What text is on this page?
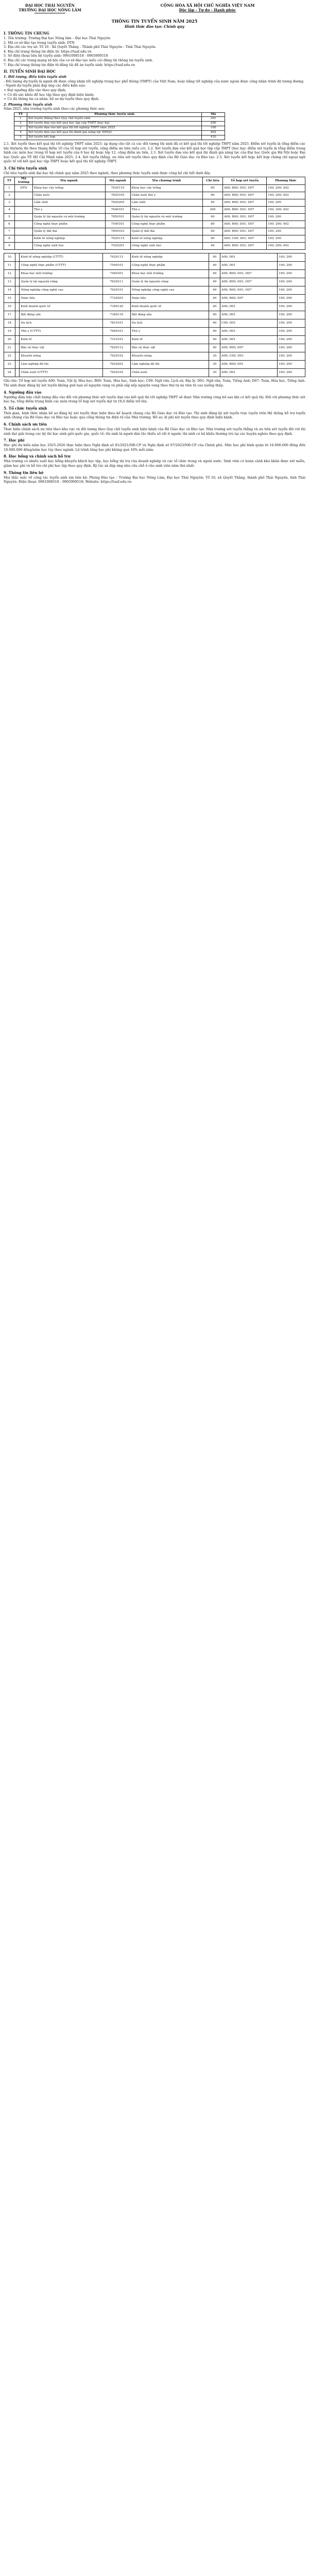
ĐẠI HỌC THÁI NGUYÊN
TRƯỜNG ĐẠI HỌC NÔNG LÂM
CỘNG HÒA XÃ HỘI CHỦ NGHĨA VIỆT NAM
Độc lập - Tự do - Hạnh phúc
THÔNG TIN TUYỂN SINH NĂM 2025
Hình thức đào tạo: Chính quy
I. THÔNG TIN CHUNG

1. Tên trường: Trường Đại học Nông lâm – Đại học Thái Nguyên

2. Mã cơ sở đào tạo trong tuyển sinh: DTN

3. Địa chỉ các trụ sở: Tổ 10 - Xã Quyết Thắng - Thành phố Thái Nguyên - Tỉnh Thái Nguyên.

4. Địa chỉ trang thông tin điện tử: https://tuaf.edu.vn

5. Số điện thoại liên hệ tuyển sinh: 0961008518 - 0965909518

6. Địa chỉ các trang mạng xã hội của cơ sở đào tạo (nếu có) đăng tải thông tin tuyển sinh.

7. Địa chỉ trang thông tin điện tử đăng tải đề án tuyển sinh: https://tuaf.edu.vn

II. TUYỂN SINH ĐẠI HỌC

1. Đối tượng, điều kiện tuyển sinh

- Đối tượng dự tuyển là người đã được công nhận tốt nghiệp trung học phổ thông (THPT) của Việt Nam, hoặc bằng tốt nghiệp của nước ngoài được công nhận trình độ tương đương.

- Người dự tuyển phải đáp ứng các điều kiện sau:

+ Đạt ngưỡng đầu vào theo quy định;

+ Có đủ sức khỏe để học tập theo quy định hiện hành;

+ Có đủ thông tin cá nhân, hồ sơ dự tuyển theo quy định.

2. Phương thức tuyển sinh

Năm 2025, nhà trường tuyển sinh theo các phương thức sau:

TT	Phương thức tuyển sinh	Mã
1	Xét tuyển thẳng theo Quy chế tuyển sinh	301
2	Xét tuyển dựa vào kết quả học tập cấp THPT (học bạ)	200
3	Xét tuyển dựa vào kết quả thi tốt nghiệp THPT năm 2025	100
4	Xét tuyển dựa vào kết quả thi đánh giá năng lực ĐHQG	402
5	Xét tuyển kết hợp	410

2.1. Xét tuyển theo kết quả thi tốt nghiệp THPT năm 2025: áp dụng cho tất cả các đối tượng thí sinh đã có kết quả thi tốt nghiệp THPT năm 2025. Điểm xét tuyển là tổng điểm các bài thi/môn thi theo thang điểm 10 của tổ hợp xét tuyển, cộng điểm ưu tiên (nếu có). 2.2. Xét tuyển dựa vào kết quả học tập cấp THPT (học bạ): điểm xét tuyển là tổng điểm trung bình các môn học trong tổ hợp xét tuyển của 6 học kỳ hoặc lớp 12, cộng điểm ưu tiên. 2.3. Xét tuyển dựa vào kết quả thi đánh giá năng lực của Đại học Quốc gia Hà Nội hoặc Đại học Quốc gia TP. Hồ Chí Minh năm 2025. 2.4. Xét tuyển thẳng, ưu tiên xét tuyển theo quy định của Bộ Giáo dục và Đào tạo. 2.5. Xét tuyển kết hợp: kết hợp chứng chỉ ngoại ngữ quốc tế với kết quả học tập THPT hoặc kết quả thi tốt nghiệp THPT.

3. Chỉ tiêu tuyển sinh

Chỉ tiêu tuyển sinh đại học hệ chính quy năm 2025 theo ngành, theo phương thức tuyển sinh được công bố chi tiết dưới đây.

TT	Mã trường	Tên ngành	Mã ngành	Tên chương trình	Chỉ tiêu	Tổ hợp xét tuyển	Phương thức
1	DTN	Khoa học cây trồng	7620110	Khoa học cây trồng	60	A00; B00; D01; D07	100; 200; 402
2		Chăn nuôi	7620105	Chăn nuôi thú y	80	A00; B00; D01; D07	100; 200; 402
3		Lâm sinh	7620205	Lâm sinh	40	A00; B00; D01; D07	100; 200
4		Thú y	7640101	Thú y	200	A00; B00; D01; D07	100; 200; 402
5		Quản lý tài nguyên và môi trường	7850101	Quản lý tài nguyên và môi trường	60	A00; B00; D01; D07	100; 200
6		Công nghệ thực phẩm	7540101	Công nghệ thực phẩm	80	A00; B00; D01; D07	100; 200; 402
7		Quản lý đất đai	7850103	Quản lý đất đai	60	A00; B00; D01; D07	100; 200
8		Kinh tế nông nghiệp	7620115	Kinh tế nông nghiệp	60	A00; C00; D01; D07	100; 200
9		Công nghệ sinh học	7420201	Công nghệ sinh học	40	A00; B00; D01; D07	100; 200; 402
10		Kinh tế nông nghiệp (CTTT)	7620115	Kinh tế nông nghiệp	40	A00; D01	100; 200
11		Công nghệ thực phẩm (CTTT)	7540101	Công nghệ thực phẩm	40	A00; D01	100; 200
12		Khoa học môi trường	7440301	Khoa học môi trường	40	A00; B00; D01; D07	100; 200
13		Quản lý tài nguyên rừng	7620211	Quản lý tài nguyên rừng	40	A00; B00; D01; D07	100; 200
14		Nông nghiệp công nghệ cao	7620101	Nông nghiệp công nghệ cao	40	A00; B00; D01; D07	100; 200
15		Dược liệu	7720203	Dược liệu	40	A00; B00; D07	100; 200
16		Kinh doanh quốc tế	7340120	Kinh doanh quốc tế	40	A00; D01	100; 200
17		Bất động sản	7340116	Bất động sản	40	A00; D01	100; 200
18		Du lịch	7810101	Du lịch	40	C00; D01	100; 200
19		Thú y (CTTT)	7640101	Thú y	40	A00; D01	100; 200
20		Kinh tế	7310101	Kinh tế	40	A00; D01	100; 200
21		Bảo vệ thực vật	7620112	Bảo vệ thực vật	40	A00; B00; D07	100; 200
22		Khuyến nông	7620102	Khuyến nông	30	A00; C00; D01	100; 200
23		Lâm nghiệp đô thị	7620202	Lâm nghiệp đô thị	30	A00; B00; D01	100; 200
24		Chăn nuôi (CTTT)	7620105	Chăn nuôi	30	A00; D01	100; 200

Ghi chú: Tổ hợp xét tuyển A00: Toán, Vật lý, Hóa học; B00: Toán, Hóa học, Sinh học; C00: Ngữ văn, Lịch sử, Địa lý; D01: Ngữ văn, Toán, Tiếng Anh; D07: Toán, Hóa học, Tiếng Anh. Thí sinh được đăng ký xét tuyển không giới hạn số nguyện vọng và phải sắp xếp nguyện vọng theo thứ tự ưu tiên từ cao xuống thấp.

4. Ngưỡng đầu vào

Ngưỡng đảm bảo chất lượng đầu vào đối với phương thức xét tuyển dựa vào kết quả thi tốt nghiệp THPT sẽ được Nhà trường công bố sau khi có kết quả thi. Đối với phương thức xét học bạ, tổng điểm trung bình các môn trong tổ hợp xét tuyển đạt từ 18,0 điểm trở lên.

5. Tổ chức tuyển sinh

Thời gian, hình thức nhận hồ sơ đăng ký xét tuyển thực hiện theo kế hoạch chung của Bộ Giáo dục và Đào tạo. Thí sinh đăng ký xét tuyển trực tuyến trên Hệ thống hỗ trợ tuyển sinh chung của Bộ Giáo dục và Đào tạo hoặc qua cổng thông tin điện tử của Nhà trường. Hồ sơ, lệ phí xét tuyển theo quy định hiện hành.

6. Chính sách ưu tiên

Thực hiện chính sách ưu tiên theo khu vực và đối tượng theo Quy chế tuyển sinh hiện hành của Bộ Giáo dục và Đào tạo. Nhà trường xét tuyển thẳng và ưu tiên xét tuyển đối với thí sinh đạt giải trong các kỳ thi học sinh giỏi quốc gia, quốc tế; thí sinh là người dân tộc thiểu số rất ít người; thí sinh có hộ khẩu thường trú tại các huyện nghèo theo quy định.

7. Học phí

Học phí dự kiến năm học 2025-2026 thực hiện theo Nghị định số 81/2021/NĐ-CP và Nghị định số 97/2023/NĐ-CP của Chính phủ. Mức học phí bình quân từ 16.000.000 đồng đến 18.000.000 đồng/năm học tùy theo ngành. Lộ trình tăng học phí không quá 10% mỗi năm.

8. Học bổng và chính sách hỗ trợ

Nhà trường có nhiều suất học bổng khuyến khích học tập, học bổng tài trợ của doanh nghiệp và các tổ chức trong và ngoài nước. Sinh viên có hoàn cảnh khó khăn được xét miễn, giảm học phí và hỗ trợ chi phí học tập theo quy định. Ký túc xá đáp ứng nhu cầu chỗ ở cho sinh viên năm thứ nhất.

9. Thông tin liên hệ

Mọi thắc mắc về công tác tuyển sinh xin liên hệ: Phòng Đào tạo – Trường Đại học Nông Lâm, Đại học Thái Nguyên; Tổ 10, xã Quyết Thắng, thành phố Thái Nguyên, tỉnh Thái Nguyên. Điện thoại: 0961008518 - 0965909518; Website: https://tuaf.edu.vn
